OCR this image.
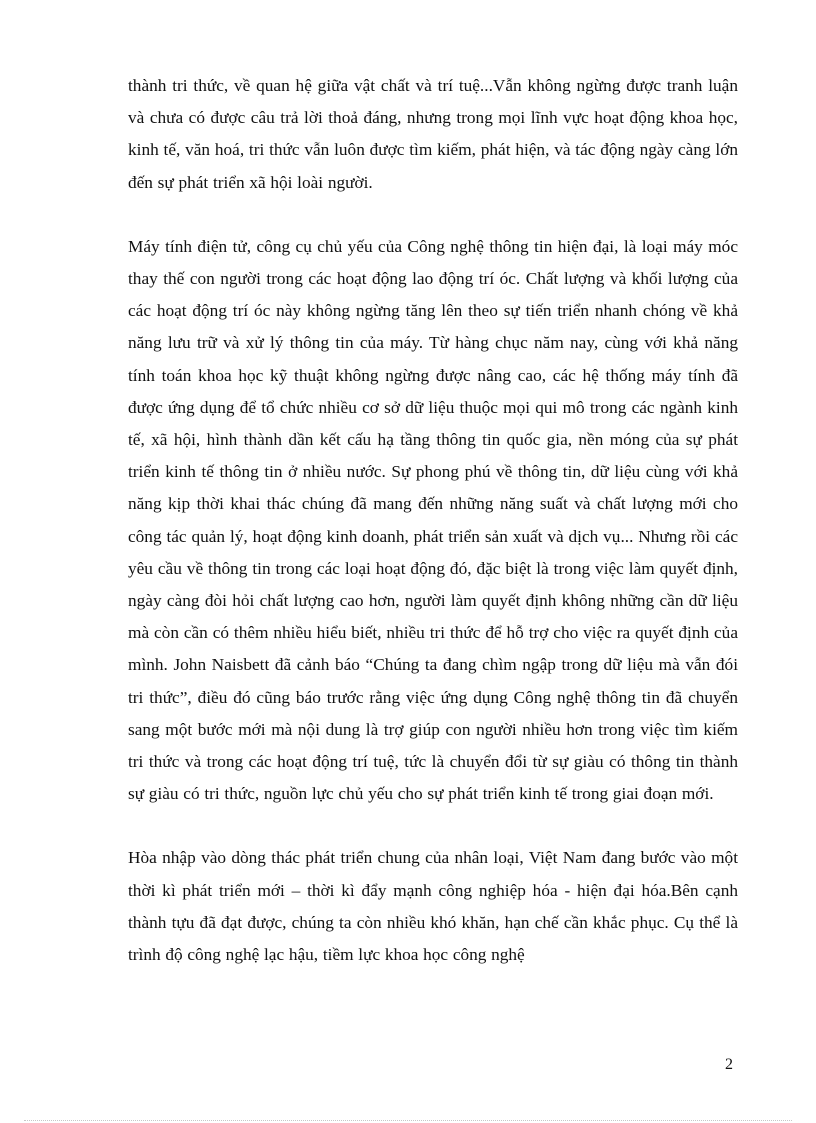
thành tri thức, về quan hệ giữa vật chất và trí tuệ...Vẫn không ngừng được tranh luận và chưa có được câu trả lời thoả đáng, nhưng trong mọi lĩnh vực hoạt động khoa học, kinh tế, văn hoá, tri thức vẫn luôn được tìm kiếm, phát hiện, và tác động ngày càng lớn đến sự phát triển xã hội loài người.

Máy tính điện tử, công cụ chủ yếu của Công nghệ thông tin hiện đại, là loại máy móc thay thế con người trong các hoạt động lao động trí óc. Chất lượng và khối lượng của các hoạt động trí óc này không ngừng tăng lên theo sự tiến triển nhanh chóng về khả năng lưu trữ và xử lý thông tin của máy. Từ hàng chục năm nay, cùng với khả năng tính toán khoa học kỹ thuật không ngừng được nâng cao, các hệ thống máy tính đã được ứng dụng để tổ chức nhiều cơ sở dữ liệu thuộc mọi qui mô trong các ngành kinh tế, xã hội, hình thành dần kết cấu hạ tầng thông tin quốc gia, nền móng của sự phát triển kinh tế thông tin ở nhiều nước. Sự phong phú về thông tin, dữ liệu cùng với khả năng kịp thời khai thác chúng đã mang đến những năng suất và chất lượng mới cho công tác quản lý, hoạt động kinh doanh, phát triển sản xuất và dịch vụ... Nhưng rồi các yêu cầu về thông tin trong các loại hoạt động đó, đặc biệt là trong việc làm quyết định, ngày càng đòi hỏi chất lượng cao hơn, người làm quyết định không những cần dữ liệu mà còn cần có thêm nhiều hiểu biết, nhiều tri thức để hỗ trợ cho việc ra quyết định của mình. John Naisbett đã cảnh báo “Chúng ta đang chìm ngập trong dữ liệu mà vẫn đói tri thức”, điều đó cũng báo trước rằng việc ứng dụng Công nghệ thông tin đã chuyển sang một bước mới mà nội dung là trợ giúp con người nhiều hơn trong việc tìm kiếm tri thức và trong các hoạt động trí tuệ, tức là chuyển đổi từ sự giàu có thông tin thành sự giàu có tri thức, nguồn lực chủ yếu cho sự phát triển kinh tế trong giai đoạn mới.

Hòa nhập vào dòng thác phát triển chung của nhân loại, Việt Nam đang bước vào một thời kì phát triển mới – thời kì đẩy mạnh công nghiệp hóa - hiện đại hóa.Bên cạnh thành tựu đã đạt được, chúng ta còn nhiều khó khăn, hạn chế cần khắc phục. Cụ thể là trình độ công nghệ lạc hậu, tiềm lực khoa học công nghệ

2
